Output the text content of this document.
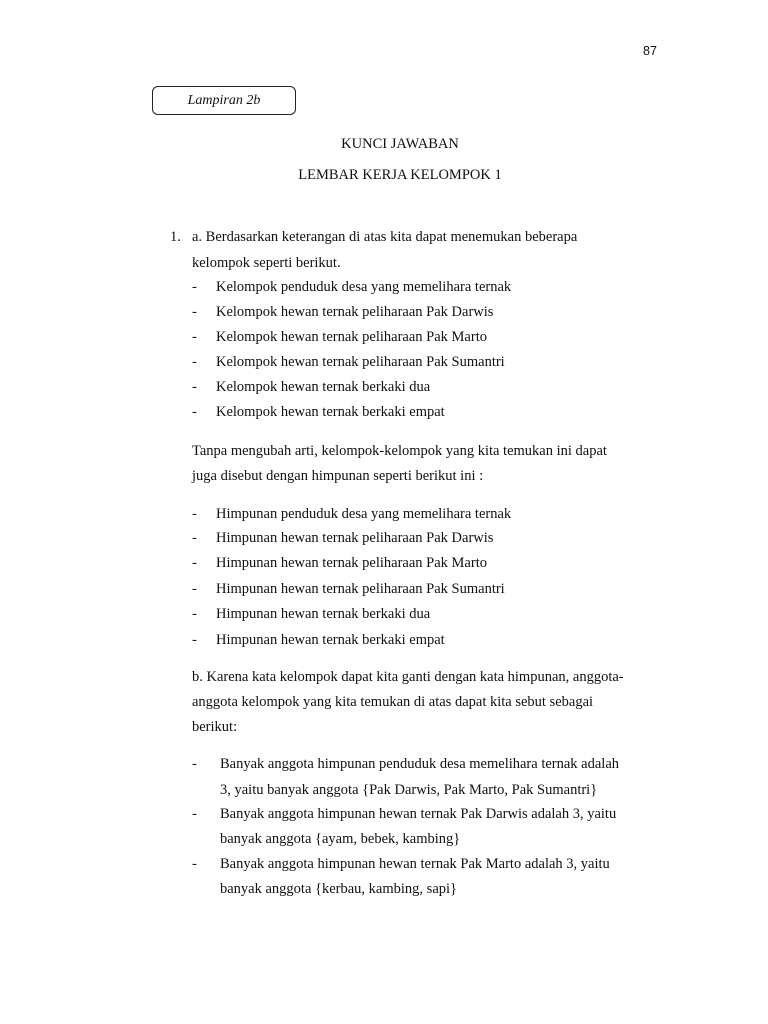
87
Lampiran 2b
KUNCI JAWABAN
LEMBAR KERJA KELOMPOK 1
1. a. Berdasarkan keterangan di atas kita dapat menemukan beberapa
kelompok seperti berikut.
- Kelompok penduduk desa yang memelihara ternak
- Kelompok hewan ternak peliharaan Pak Darwis
- Kelompok hewan ternak peliharaan Pak Marto
- Kelompok hewan ternak peliharaan Pak Sumantri
- Kelompok hewan ternak berkaki dua
- Kelompok hewan ternak berkaki empat
Tanpa mengubah arti, kelompok-kelompok yang kita temukan ini dapat
juga disebut dengan himpunan seperti berikut ini :
- Himpunan penduduk desa yang memelihara ternak
- Himpunan hewan ternak peliharaan Pak Darwis
- Himpunan hewan ternak peliharaan Pak Marto
- Himpunan hewan ternak peliharaan Pak Sumantri
- Himpunan hewan ternak berkaki dua
- Himpunan hewan ternak berkaki empat
b. Karena kata kelompok dapat kita ganti dengan kata himpunan, anggota-
anggota kelompok yang kita temukan di atas dapat kita sebut sebagai
berikut:
- Banyak anggota himpunan penduduk desa memelihara ternak adalah
3, yaitu banyak anggota {Pak Darwis, Pak Marto, Pak Sumantri}
- Banyak anggota himpunan hewan ternak Pak Darwis adalah 3, yaitu
banyak anggota {ayam, bebek, kambing}
- Banyak anggota himpunan hewan ternak Pak Marto adalah 3, yaitu
banyak anggota {kerbau, kambing, sapi}
